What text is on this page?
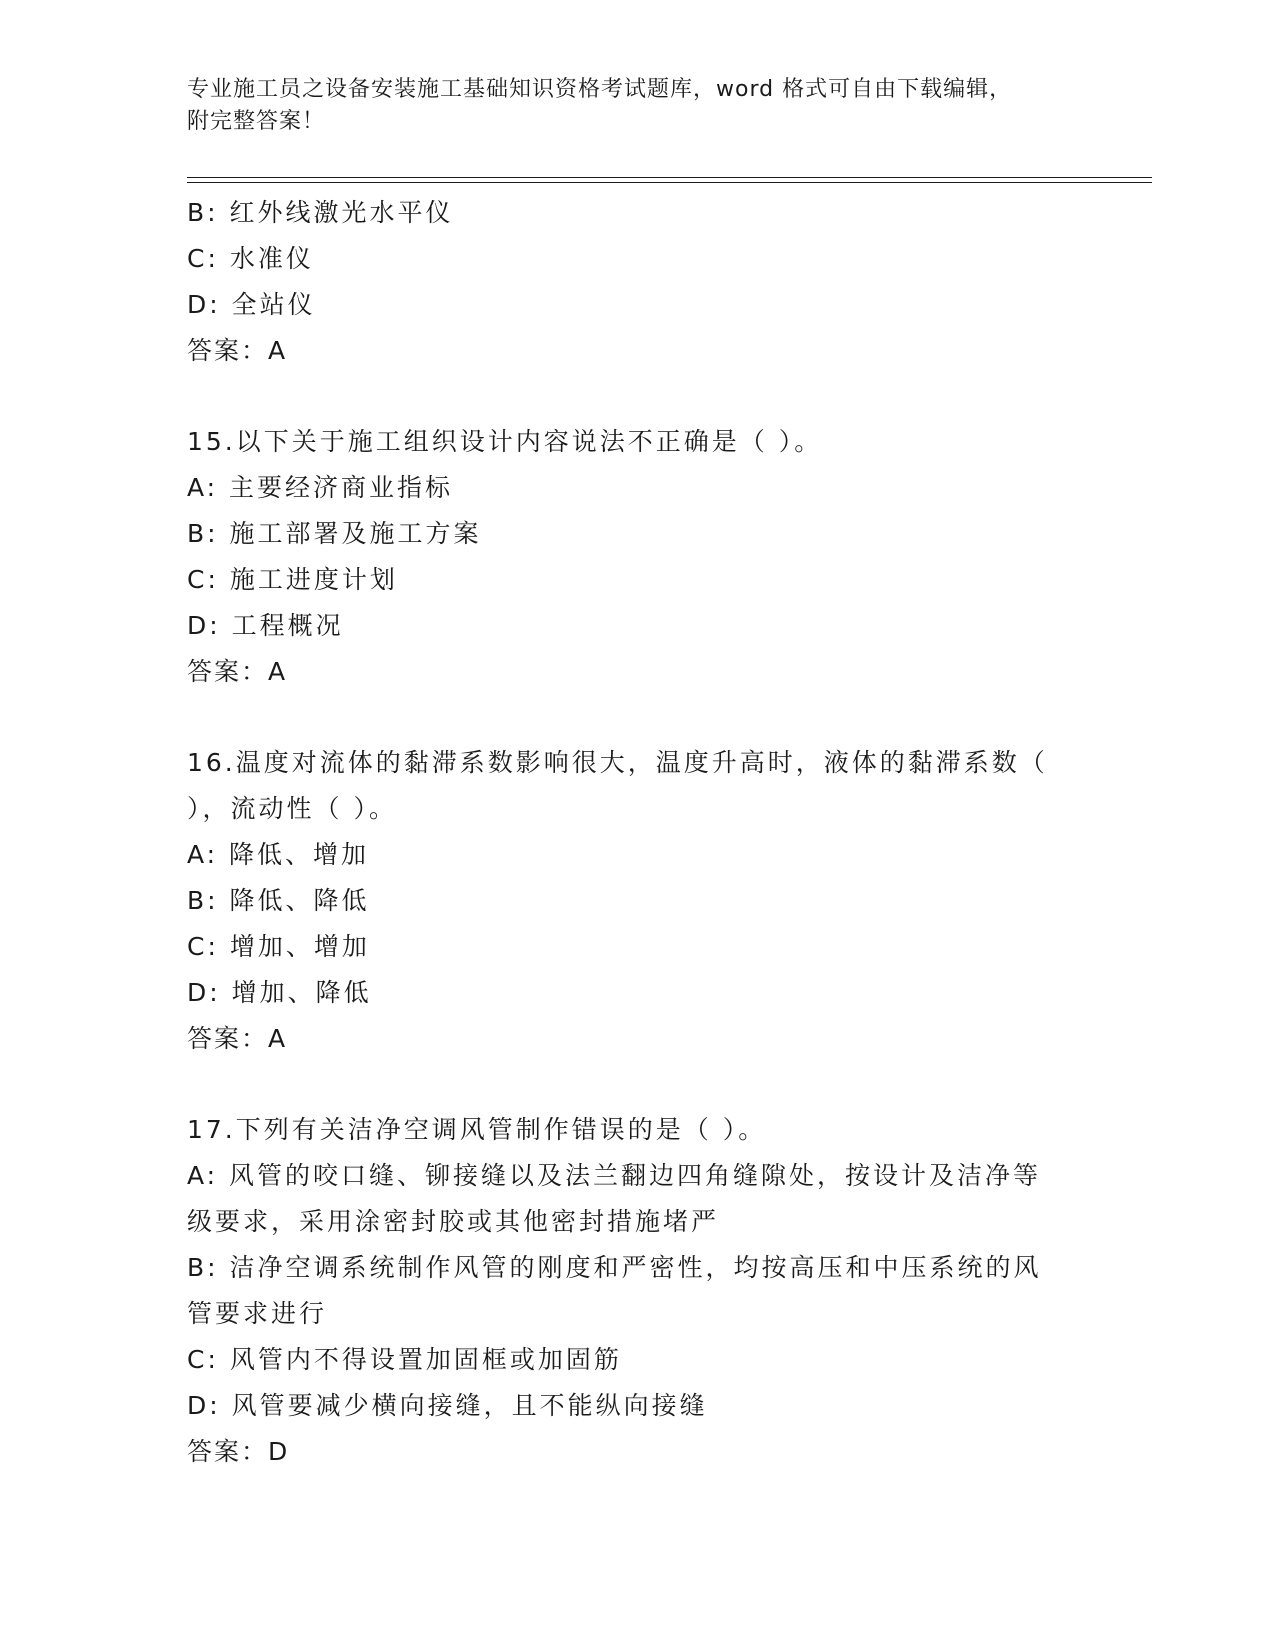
专业施工员之设备安装施工基础知识资格考试题库，word 格式可自由下载编辑，
附完整答案！
B: 红外线激光水平仪
C: 水准仪
D: 全站仪
答案：A
15.以下关于施工组织设计内容说法不正确是（ ）。
A: 主要经济商业指标
B: 施工部署及施工方案
C: 施工进度计划
D: 工程概况
答案：A
16.温度对流体的黏滞系数影响很大，温度升高时，液体的黏滞系数（
），流动性（ ）。
A: 降低、增加
B: 降低、降低
C: 增加、增加
D: 增加、降低
答案：A
17.下列有关洁净空调风管制作错误的是（ ）。
A: 风管的咬口缝、铆接缝以及法兰翻边四角缝隙处，按设计及洁净等
级要求，采用涂密封胶或其他密封措施堵严
B: 洁净空调系统制作风管的刚度和严密性，均按高压和中压系统的风
管要求进行
C: 风管内不得设置加固框或加固筋
D: 风管要减少横向接缝，且不能纵向接缝
答案：D
